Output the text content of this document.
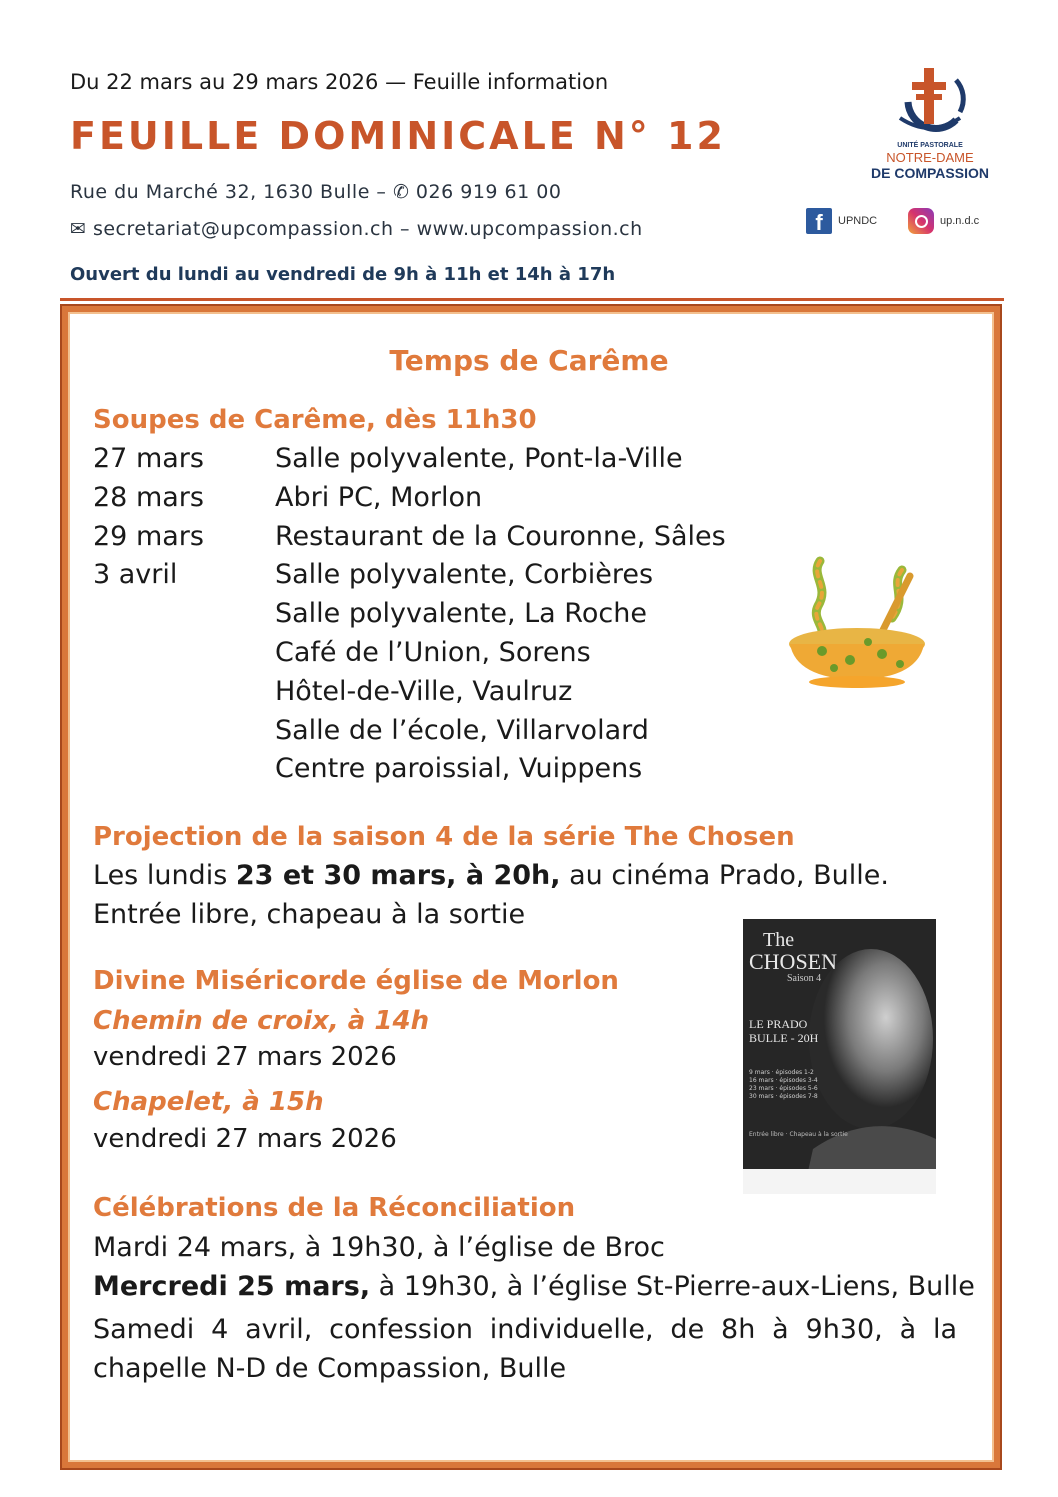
Du 22 mars au 29 mars 2026 — Feuille information
FEUILLE DOMINICALE N° 12
Rue du Marché 32, 1630 Bulle – ✆ 026 919 61 00
✉ secretariat@upcompassion.ch – www.upcompassion.ch
Ouvert du lundi au vendredi de 9h à 11h et 14h à 17h
UNITÉ PASTORALE
NOTRE-DAME
DE COMPASSION
f	UPNDC	up.n.d.c
Temps de Carême
Soupes de Carême, dès 11h30
27 mars	Salle polyvalente, Pont-la-Ville
28 mars	Abri PC, Morlon
29 mars	Restaurant de la Couronne, Sâles
3 avril	Salle polyvalente, Corbières
Salle polyvalente, La Roche
Café de l’Union, Sorens
Hôtel-de-Ville, Vaulruz
Salle de l’école, Villarvolard
Centre paroissial, Vuippens
Projection de la saison 4 de la série The Chosen
Les lundis 23 et 30 mars, à 20h, au cinéma Prado, Bulle.
Entrée libre, chapeau à la sortie
The
CHOSEN
Saison 4
LE PRADO
BULLE - 20H
9 mars · épisodes 1-2
16 mars · épisodes 3-4
23 mars · épisodes 5-6
30 mars · épisodes 7-8
Entrée libre · Chapeau à la sortie
Divine Miséricorde église de Morlon
Chemin de croix, à 14h
vendredi 27 mars 2026
Chapelet, à 15h
vendredi 27 mars 2026
Célébrations de la Réconciliation
Mardi 24 mars, à 19h30, à l’église de Broc
Mercredi 25 mars, à 19h30, à l’église St-Pierre-aux-Liens, Bulle
Samedi 4 avril, confession individuelle, de 8h à 9h30, à la chapelle N-D de Compassion, Bulle
